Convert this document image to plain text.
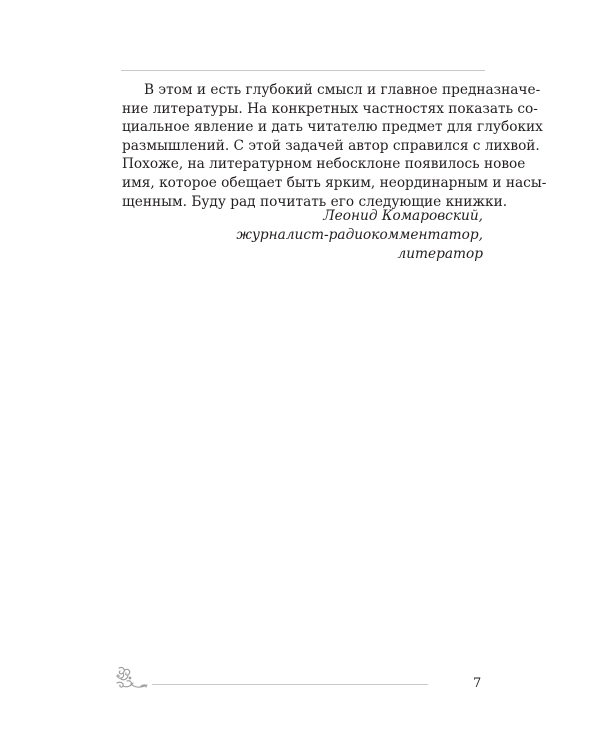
В этом и есть глубокий смысл и главное предназначе-
ние литературы. На конкретных частностях показать со-
циальное явление и дать читателю предмет для глубоких
размышлений. С этой задачей автор справился с лихвой.
Похоже, на литературном небосклоне появилось новое
имя, которое обещает быть ярким, неординарным и насы-
щенным. Буду рад почитать его следующие книжки.
Леонид Комаровский,
журналист-радиокомментатор,
литератор
7
